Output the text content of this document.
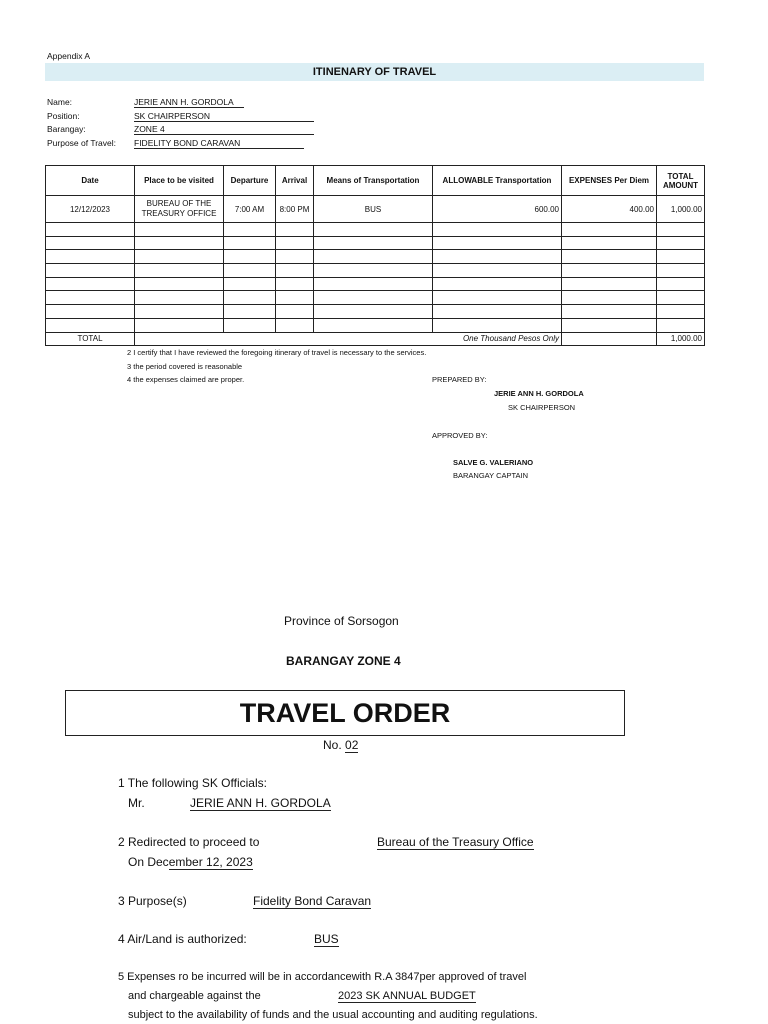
Appendix A
ITINENARY OF TRAVEL
Name:	JERIE ANN H. GORDOLA
Position:	SK CHAIRPERSON
Barangay:	ZONE 4
Purpose of Travel: FIDELITY BOND CARAVAN
Date	Place to be visited	Departure	Arrival	Means of Transportation	ALLOWABLE Transportation	EXPENSES Per Diem	TOTAL AMOUNT
12/12/2023	BUREAU OF THE TREASURY OFFICE	7:00 AM	8:00 PM	BUS	600.00	400.00	1,000.00

TOTAL	One Thousand Pesos Only						1,000.00
2 I certify that I have reviewed the foregoing itinerary of travel is necessary to the services.
3 the period covered is reasonable
4 the expenses claimed are proper.	PREPARED BY:
JERIE ANN H. GORDOLA
SK CHAIRPERSON
APPROVED BY:
SALVE G. VALERIANO
BARANGAY CAPTAIN
Province of Sorsogon
BARANGAY ZONE 4
TRAVEL ORDER
No. 02
1 The following SK Officials:
Mr.	JERIE ANN H. GORDOLA
2 Redirected to proceed to	Bureau of the Treasury Office
On December 12, 2023
3 Purpose(s)	Fidelity Bond Caravan
4 Air/Land is authorized:	BUS
5 Expenses ro be incurred will be in accordancewith R.A 3847per approved of travel
and chargeable against the	2023 SK ANNUAL BUDGET
subject to the availability of funds and the usual accounting and auditing regulations.
